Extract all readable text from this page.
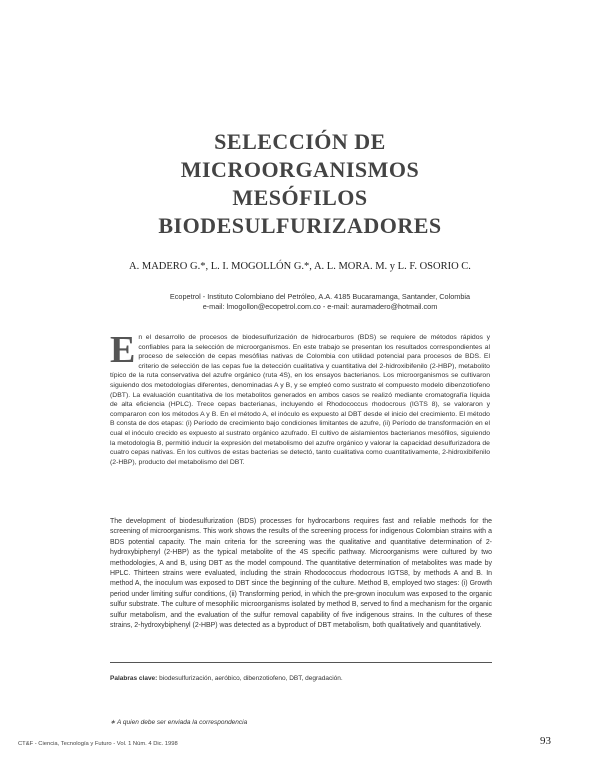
SELECCIÓN DE
MICROORGANISMOS
MESÓFILOS
BIODESULFURIZADORES
A. MADERO G.*, L. I. MOGOLLÓN G.*, A. L. MORA. M. y L. F. OSORIO C.
Ecopetrol - Instituto Colombiano del Petróleo, A.A. 4185 Bucaramanga, Santander, Colombia
e-mail: lmogollon@ecopetrol.com.co - e-mail: auramadero@hotmail.com

En el desarrollo de procesos de biodesulfurización de hidrocarburos (BDS) se requiere de métodos rápidos y confiables para la selección de microorganismos. En este trabajo se presentan los resultados correspondientes al proceso de selección de cepas mesófilas nativas de Colombia con utilidad potencial para procesos de BDS. El criterio de selección de las cepas fue la detección cualitativa y cuantitativa del 2-hidroxibifenilo (2-HBP), metabolito típico de la ruta conservativa del azufre orgánico (ruta 4S), en los ensayos bacterianos. Los microorganismos se cultivaron siguiendo dos metodologías diferentes, denominadas A y B, y se empleó como sustrato el compuesto modelo dibenzotiofeno (DBT). La evaluación cuantitativa de los metabolitos generados en ambos casos se realizó mediante cromatografía líquida de alta eficiencia (HPLC). Trece cepas bacterianas, incluyendo el Rhodococcus rhodocrous (IGTS 8), se valoraron y compararon con los métodos A y B. En el método A, el inóculo es expuesto al DBT desde el inicio del crecimiento. El método B consta de dos etapas: (i) Período de crecimiento bajo condiciones limitantes de azufre, (ii) Período de transformación en el cual el inóculo crecido es expuesto al sustrato orgánico azufrado. El cultivo de aislamientos bacterianos mesófilos, siguiendo la metodología B, permitió inducir la expresión del metabolismo del azufre orgánico y valorar la capacidad desulfurizadora de cuatro cepas nativas. En los cultivos de estas bacterias se detectó, tanto cualitativa como cuantitativamente, 2-hidroxibifenilo (2-HBP), producto del metabolismo del DBT.

The development of biodesulfurization (BDS) processes for hydrocarbons requires fast and reliable methods for the screening of microorganisms. This work shows the results of the screening process for indigenous Colombian strains with a BDS potential capacity. The main criteria for the screening was the qualitative and quantitative determination of 2-hydroxybiphenyl (2-HBP) as the typical metabolite of the 4S specific pathway. Microorganisms were cultured by two methodologies, A and B, using DBT as the model compound. The quantitative determination of metabolites was made by HPLC. Thirteen strains were evaluated, including the strain Rhodococcus rhodocrous IGTS8, by methods A and B. In method A, the inoculum was exposed to DBT since the beginning of the culture. Method B, employed two stages: (i) Growth period under limiting sulfur conditions, (ii) Transforming period, in which the pre-grown inoculum was exposed to the organic sulfur substrate. The culture of mesophilic microorganisms isolated by method B, served to find a mechanism for the organic sulfur metabolism, and the evaluation of the sulfur removal capability of five indigenous strains. In the cultures of these strains, 2-hydroxybiphenyl (2-HBP) was detected as a byproduct of DBT metabolism, both qualitatively and quantitatively.

Palabras clave: biodesulfurización, aeróbico, dibenzotiofeno, DBT, degradación.
∗ A quien debe ser enviada la correspondencia
CT&F - Ciencia, Tecnología y Futuro - Vol. 1 Núm. 4 Dic. 1998	93
